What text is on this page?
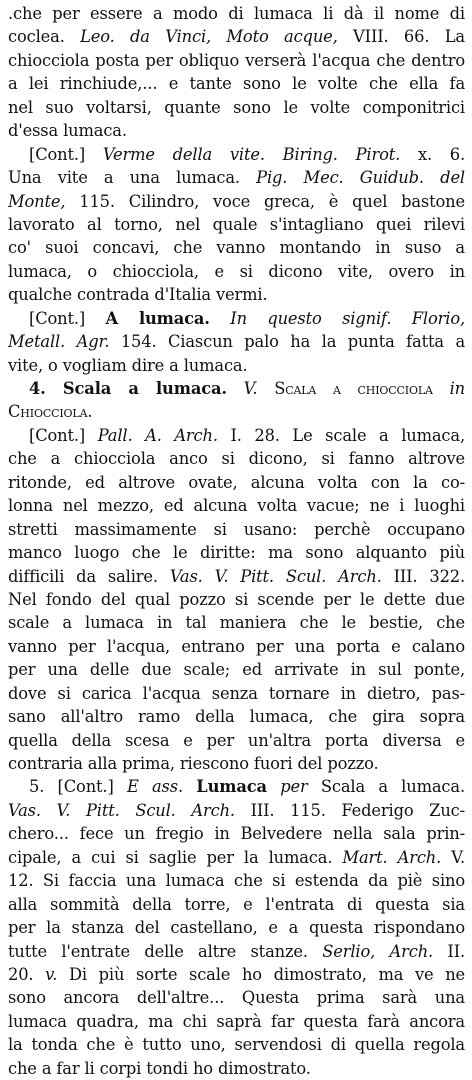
.che per essere a modo di lumaca li dà il nome di
coclea. Leo. da Vinci, Moto acque, VIII. 66. La
chiocciola posta per obliquo verserà l'acqua che dentro
a lei rinchiude,... e tante sono le volte che ella fa
nel suo voltarsi, quante sono le volte componitrici
d'essa lumaca.
[Cont.] Verme della vite. Biring. Pirot. x. 6.
Una vite a una lumaca. Pig. Mec. Guidub. del
Monte, 115. Cilindro, voce greca, è quel bastone
lavorato al torno, nel quale s'intagliano quei rilevi
co' suoi concavi, che vanno montando in suso a
lumaca, o chiocciola, e si dicono vite, overo in
qualche contrada d'Italia vermi.
[Cont.] A lumaca. In questo signif. Florio,
Metall. Agr. 154. Ciascun palo ha la punta fatta a
vite, o vogliam dire a lumaca.
4. Scala a lumaca. V. Scala a chiocciola in
Chiocciola.
[Cont.] Pall. A. Arch. I. 28. Le scale a lumaca,
che a chiocciola anco si dicono, si fanno altrove
ritonde, ed altrove ovate, alcuna volta con la co-
lonna nel mezzo, ed alcuna volta vacue; ne i luoghi
stretti massimamente si usano: perchè occupano
manco luogo che le diritte: ma sono alquanto più
difficili da salire. Vas. V. Pitt. Scul. Arch. III. 322.
Nel fondo del qual pozzo si scende per le dette due
scale a lumaca in tal maniera che le bestie, che
vanno per l'acqua, entrano per una porta e calano
per una delle due scale; ed arrivate in sul ponte,
dove si carica l'acqua senza tornare in dietro, pas-
sano all'altro ramo della lumaca, che gira sopra
quella della scesa e per un'altra porta diversa e
contraria alla prima, riescono fuori del pozzo.
5. [Cont.] E ass. Lumaca per Scala a lumaca.
Vas. V. Pitt. Scul. Arch. III. 115. Federigo Zuc-
chero... fece un fregio in Belvedere nella sala prin-
cipale, a cui si saglie per la lumaca. Mart. Arch. V.
12. Si faccia una lumaca che si estenda da piè sino
alla sommità della torre, e l'entrata di questa sia
per la stanza del castellano, e a questa rispondano
tutte l'entrate delle altre stanze. Serlio, Arch. II.
20. v. Di più sorte scale ho dimostrato, ma ve ne
sono ancora dell'altre... Questa prima sarà una
lumaca quadra, ma chi saprà far questa farà ancora
la tonda che è tutto uno, servendosi di quella regola
che a far li corpi tondi ho dimostrato.
